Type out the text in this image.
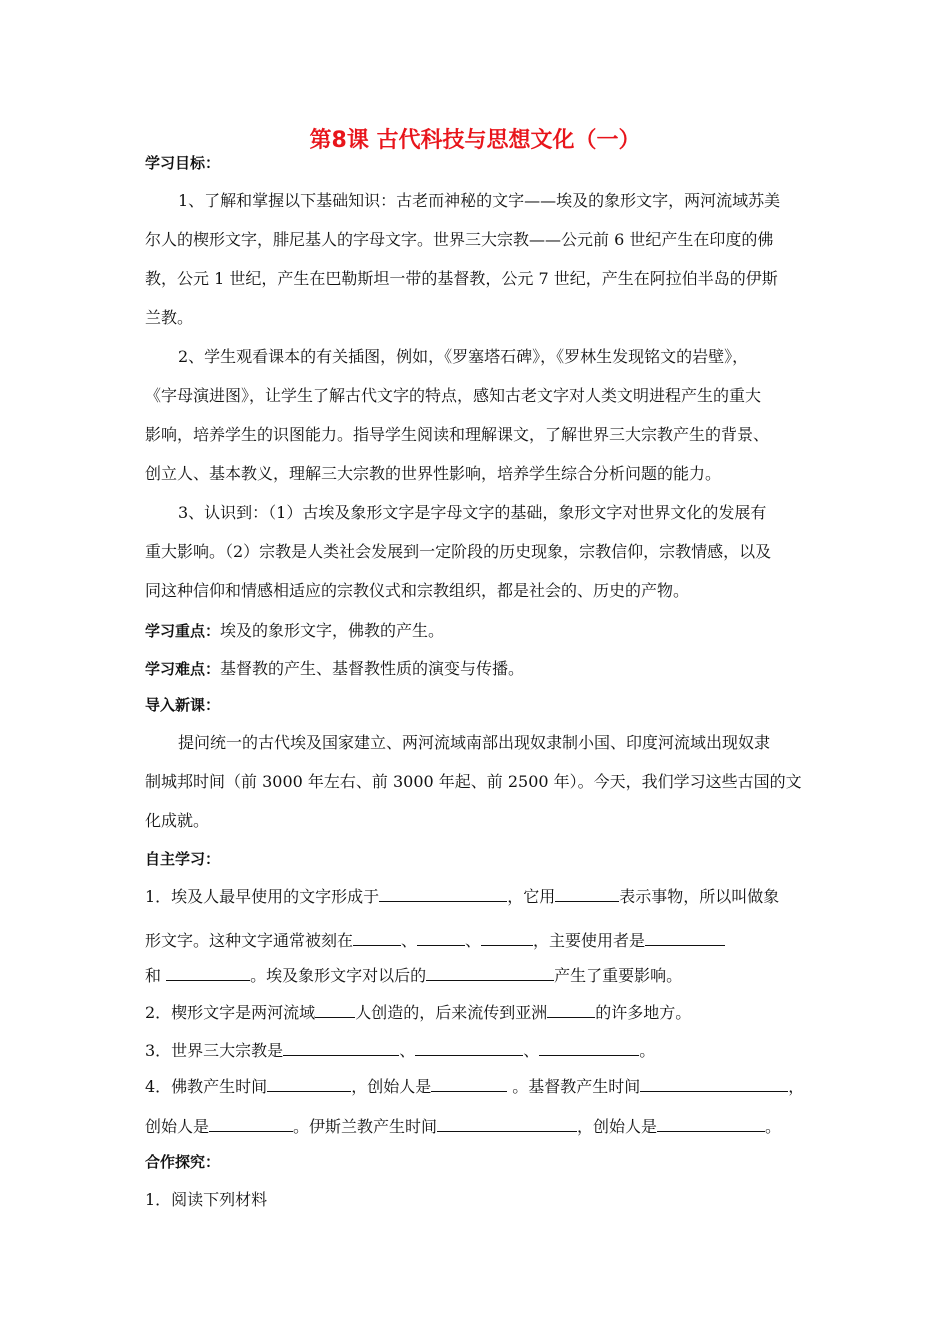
第8课 古代科技与思想文化（一）
学习目标：
1、了解和掌握以下基础知识：古老而神秘的文字——埃及的象形文字，两河流域苏美
尔人的楔形文字，腓尼基人的字母文字。世界三大宗教——公元前 6 世纪产生在印度的佛
教，公元 1 世纪，产生在巴勒斯坦一带的基督教，公元 7 世纪，产生在阿拉伯半岛的伊斯
兰教。
2、学生观看课本的有关插图，例如，《罗塞塔石碑》，《罗林生发现铭文的岩壁》，
《字母演进图》，让学生了解古代文字的特点，感知古老文字对人类文明进程产生的重大
影响，培养学生的识图能力。指导学生阅读和理解课文，了解世界三大宗教产生的背景、
创立人、基本教义，理解三大宗教的世界性影响，培养学生综合分析问题的能力。
3、认识到：（1）古埃及象形文字是字母文字的基础，象形文字对世界文化的发展有
重大影响。（2）宗教是人类社会发展到一定阶段的历史现象，宗教信仰，宗教情感，以及
同这种信仰和情感相适应的宗教仪式和宗教组织，都是社会的、历史的产物。
学习重点：埃及的象形文字，佛教的产生。
学习难点：基督教的产生、基督教性质的演变与传播。
导入新课：
提问统一的古代埃及国家建立、两河流域南部出现奴隶制小国、印度河流域出现奴隶
制城邦时间（前 3000 年左右、前 3000 年起、前 2500 年）。今天，我们学习这些古国的文
化成就。
自主学习：
1．埃及人最早使用的文字形成于	，它用	表示事物，所以叫做象
形文字。这种文字通常被刻在	、	、	，主要使用者是
和	。埃及象形文字对以后的	产生了重要影响。
2．楔形文字是两河流域	人创造的，后来流传到亚洲	的许多地方。
3．世界三大宗教是	、	、	。
4．佛教产生时间	，创始人是	。基督教产生时间	，
创始人是	。伊斯兰教产生时间	，创始人是	。
合作探究：
1．阅读下列材料
